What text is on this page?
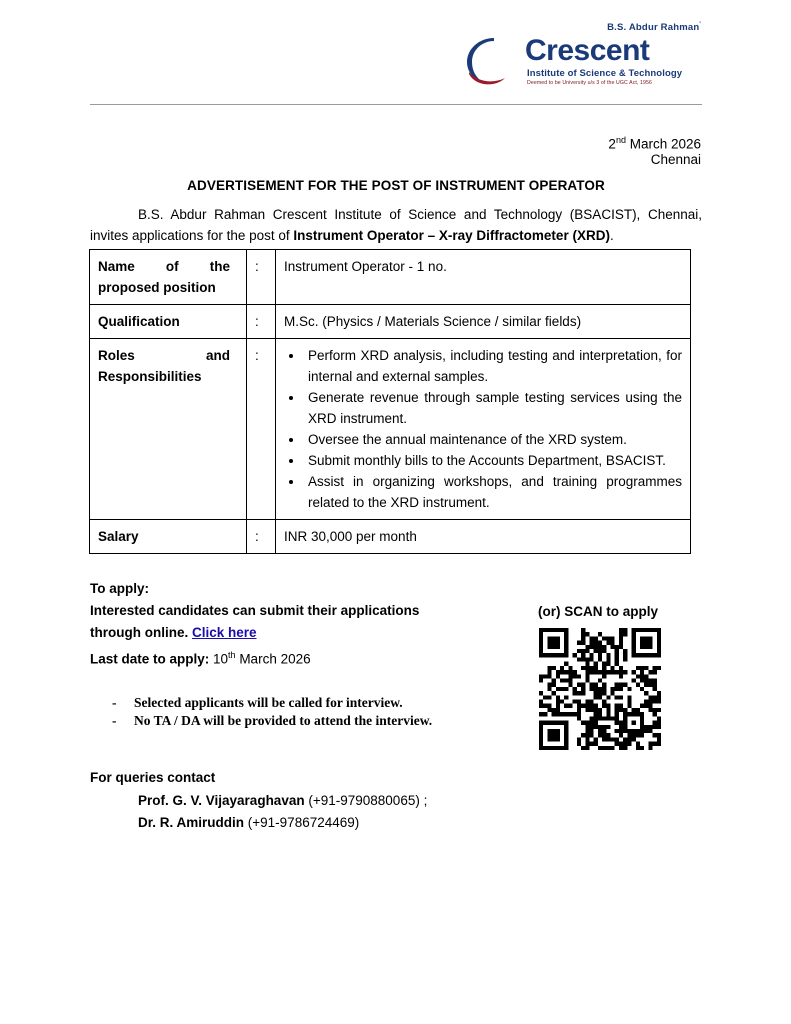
B.S. Abdur Rahman'
Crescent
Institute of Science & Technology
Deemed to be University u/s 3 of the UGC Act, 1956
2nd March 2026
Chennai
ADVERTISEMENT FOR THE POST OF INSTRUMENT OPERATOR
B.S. Abdur Rahman Crescent Institute of Science and Technology (BSACIST), Chennai, invites applications for the post of Instrument Operator – X-ray Diffractometer (XRD).
Name of the
proposed position	:	Instrument Operator - 1 no.
Qualification	:	M.Sc. (Physics / Materials Science / similar fields)

Roles and
Responsibilities
	:	
•Perform XRD analysis, including testing and interpretation, for internal and external samples.
• Generate revenue through sample testing services using the XRD instrument.
• Oversee the annual maintenance of the XRD system.
• Submit monthly bills to the Accounts Department, BSACIST.
• Assist in organizing workshops, and training programmes related to the XRD instrument.

Salary	:	INR 30,000 per month
To apply:
Interested candidates can submit their applications
through online. Click here
Last date to apply: 10th March 2026
-	Selected applicants will be called for interview.
-	No TA / DA will be provided to attend the interview.
(or) SCAN to apply
For queries contact
Prof. G. V. Vijayaraghavan (+91-9790880065) ;
Dr. R. Amiruddin (+91-9786724469)
